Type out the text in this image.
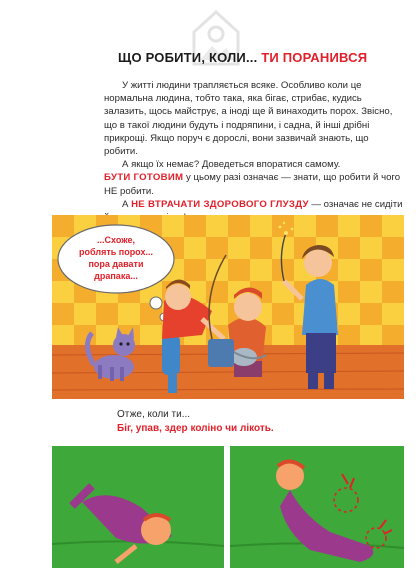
ЩО РОБИТИ, КОЛИ... ТИ ПОРАНИВСЯ

У житті людини трапляється всяке. Особливо коли це нормальна людина, тобто така, яка бігає, стрибає, кудись залазить, щось майструє, а іноді ще й винаходить порох. Звісно, що в такої людини будуть і подряпини, і садна, й інші дрібні прикрощі. Якщо поруч є дорослі, вони зазвичай знають, що робити.

А якщо їх немає? Доведеться впоратися самому.

БУТИ ГОТОВИМ у цьому разі означає — знати, що робити й чого НЕ робити.

А НЕ ВТРАЧАТИ ЗДОРОВОГО ГЛУЗДУ — означає не сидіти

...Схоже,
роблять порох...
пора давати
драпака...
Отже, коли ти...
Біг, упав, здер коліно чи лікоть.
